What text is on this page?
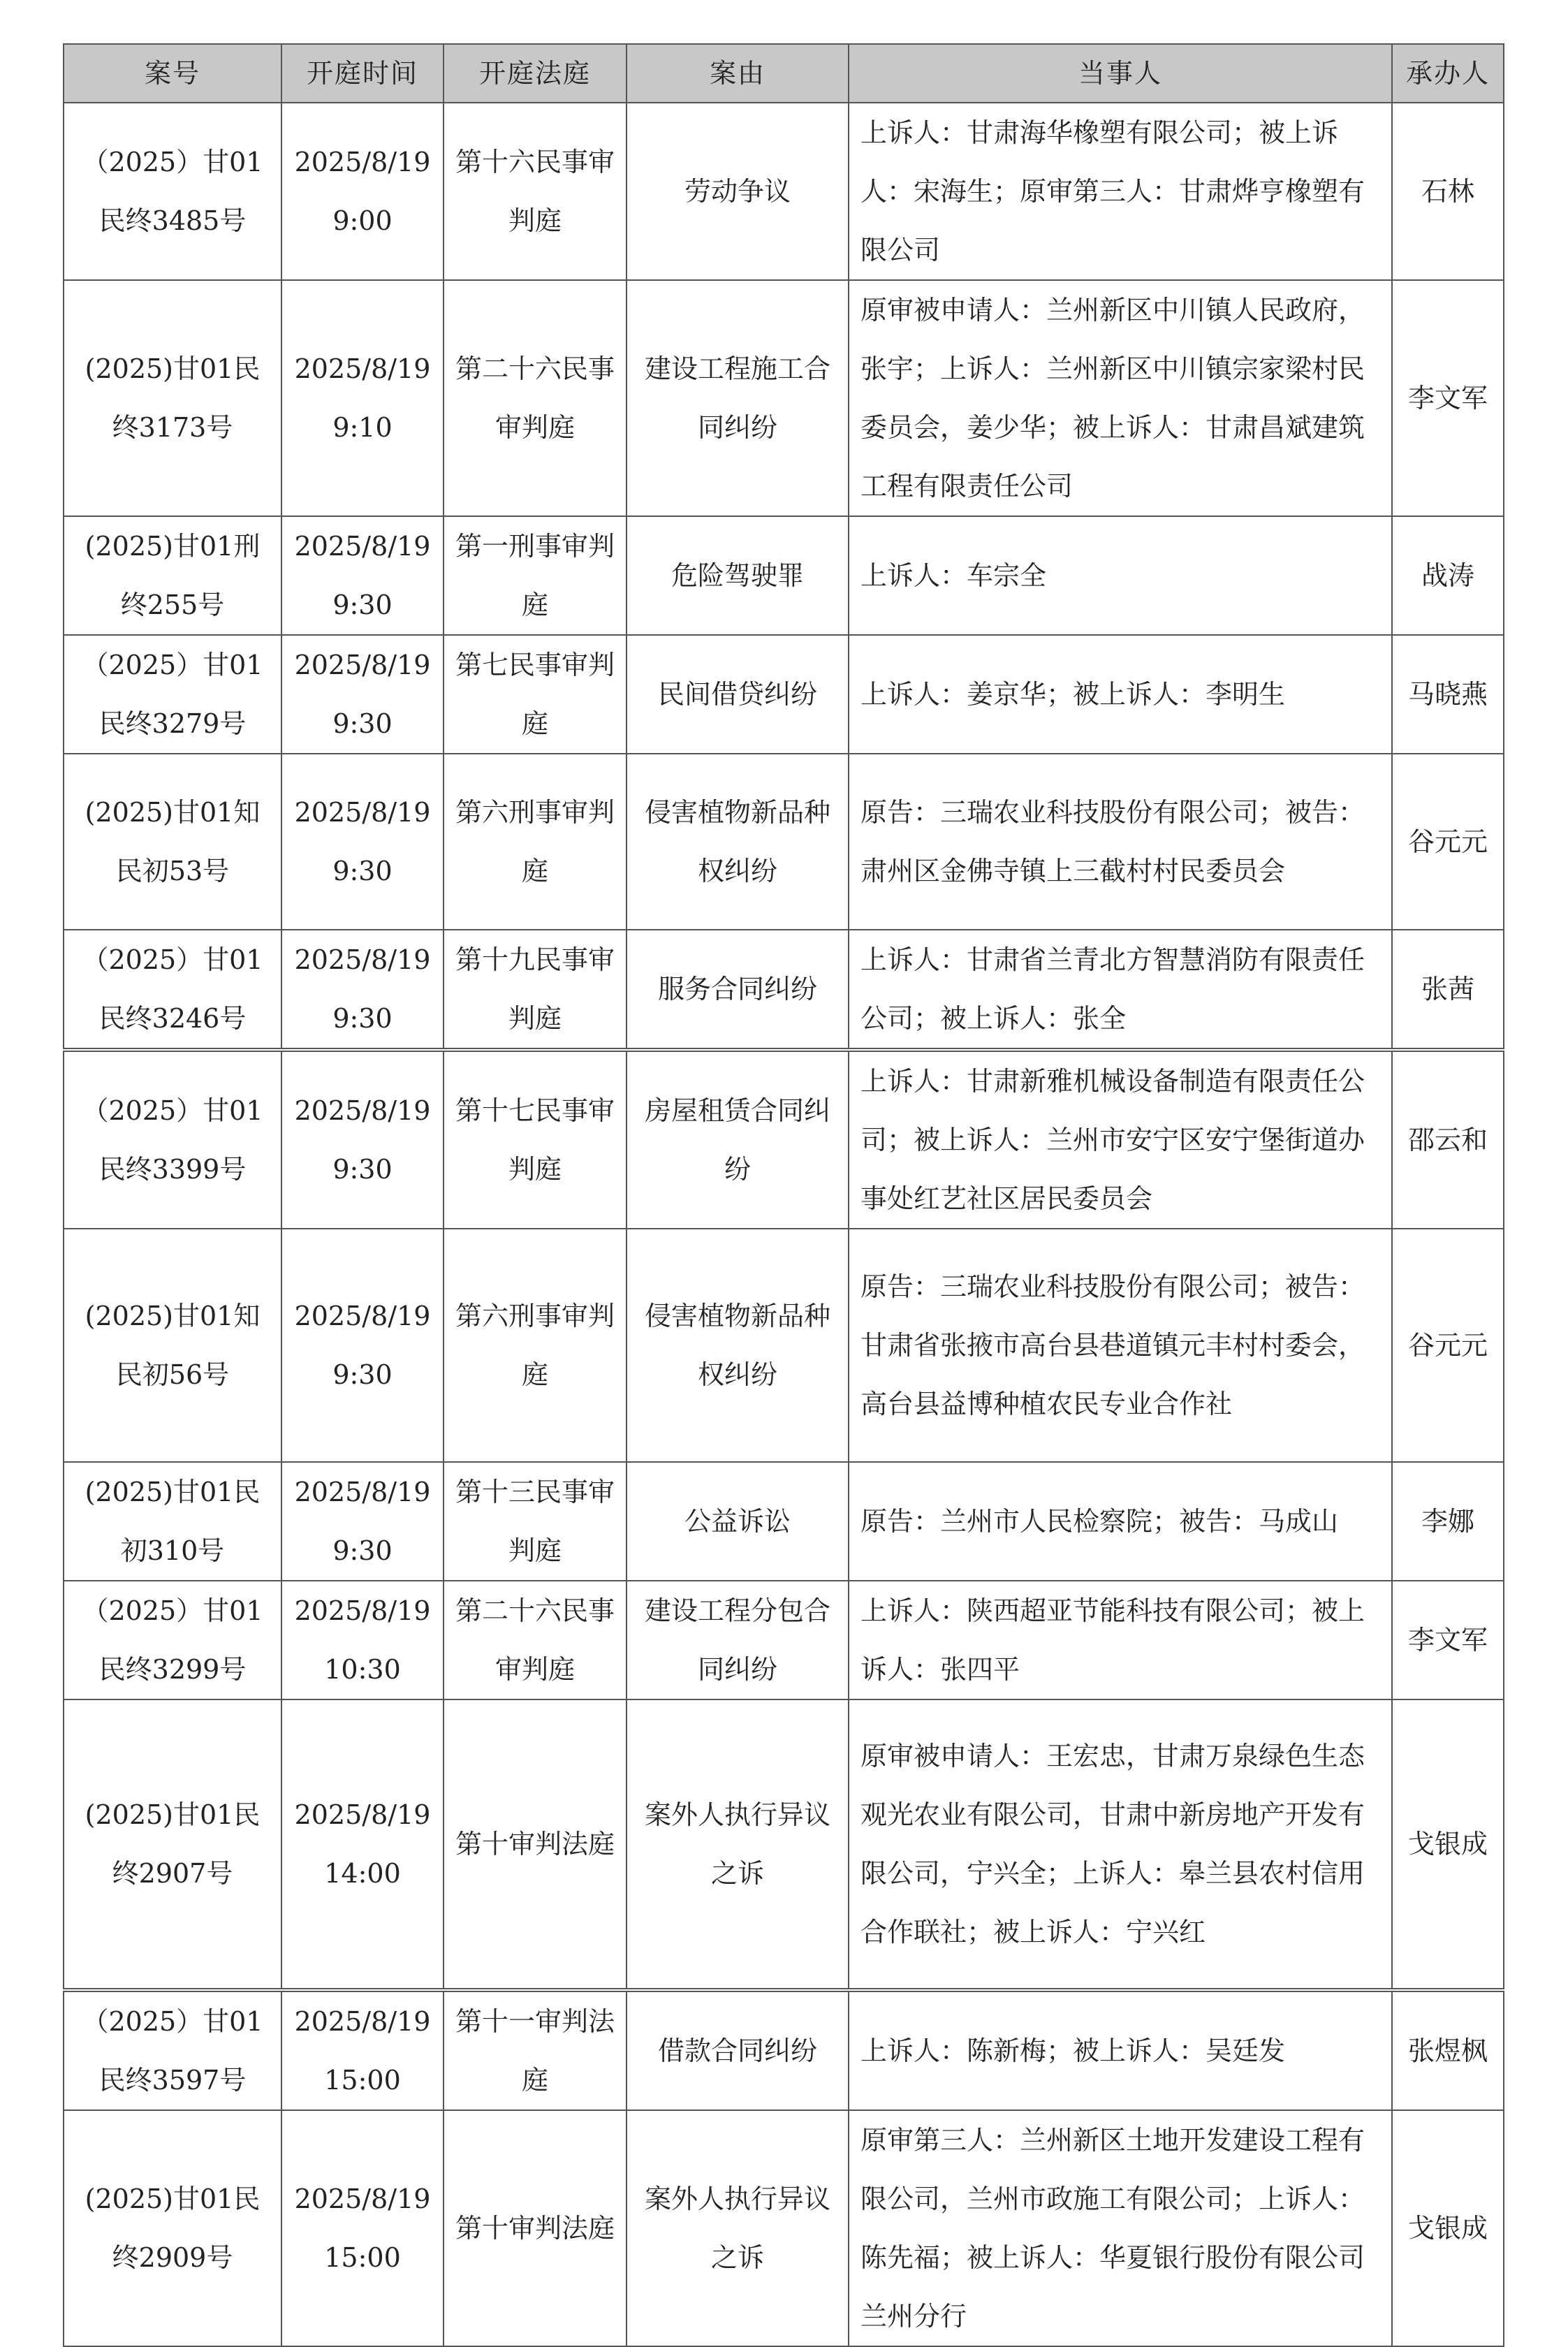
案号	开庭时间	开庭法庭	案由	当事人	承办人
（2025）甘01民终3485号	2025/8/19 9:00	第十六民事审判庭	劳动争议	上诉人：甘肃海华橡塑有限公司；被上诉人：宋海生；原审第三人：甘肃烨亨橡塑有限公司	石林
(2025)甘01民终3173号	2025/8/19 9:10	第二十六民事审判庭	建设工程施工合同纠纷	原审被申请人：兰州新区中川镇人民政府，张宇；上诉人：兰州新区中川镇宗家梁村民委员会，姜少华；被上诉人：甘肃昌斌建筑工程有限责任公司	李文军
(2025)甘01刑终255号	2025/8/19 9:30	第一刑事审判庭	危险驾驶罪	上诉人：车宗全	战涛
（2025）甘01民终3279号	2025/8/19 9:30	第七民事审判庭	民间借贷纠纷	上诉人：姜京华；被上诉人：李明生	马晓燕
(2025)甘01知民初53号	2025/8/19 9:30	第六刑事审判庭	侵害植物新品种权纠纷	原告：三瑞农业科技股份有限公司；被告：肃州区金佛寺镇上三截村村民委员会	谷元元
（2025）甘01民终3246号	2025/8/19 9:30	第十九民事审判庭	服务合同纠纷	上诉人：甘肃省兰青北方智慧消防有限责任公司；被上诉人：张全	张茜
（2025）甘01民终3399号	2025/8/19 9:30	第十七民事审判庭	房屋租赁合同纠纷	上诉人：甘肃新雅机械设备制造有限责任公司；被上诉人：兰州市安宁区安宁堡街道办事处红艺社区居民委员会	邵云和
(2025)甘01知民初56号	2025/8/19 9:30	第六刑事审判庭	侵害植物新品种权纠纷	原告：三瑞农业科技股份有限公司；被告：甘肃省张掖市高台县巷道镇元丰村村委会，高台县益博种植农民专业合作社	谷元元
(2025)甘01民初310号	2025/8/19 9:30	第十三民事审判庭	公益诉讼	原告：兰州市人民检察院；被告：马成山	李娜
（2025）甘01民终3299号	2025/8/19 10:30	第二十六民事审判庭	建设工程分包合同纠纷	上诉人：陕西超亚节能科技有限公司；被上诉人：张四平	李文军
(2025)甘01民终2907号	2025/8/19 14:00	第十审判法庭	案外人执行异议之诉	原审被申请人：王宏忠，甘肃万泉绿色生态观光农业有限公司，甘肃中新房地产开发有限公司，宁兴全；上诉人：皋兰县农村信用合作联社；被上诉人：宁兴红	戈银成
（2025）甘01民终3597号	2025/8/19 15:00	第十一审判法庭	借款合同纠纷	上诉人：陈新梅；被上诉人：吴廷发	张煜枫
(2025)甘01民终2909号	2025/8/19 15:00	第十审判法庭	案外人执行异议之诉	原审第三人：兰州新区土地开发建设工程有限公司，兰州市政施工有限公司；上诉人：陈先福；被上诉人：华夏银行股份有限公司兰州分行	戈银成
